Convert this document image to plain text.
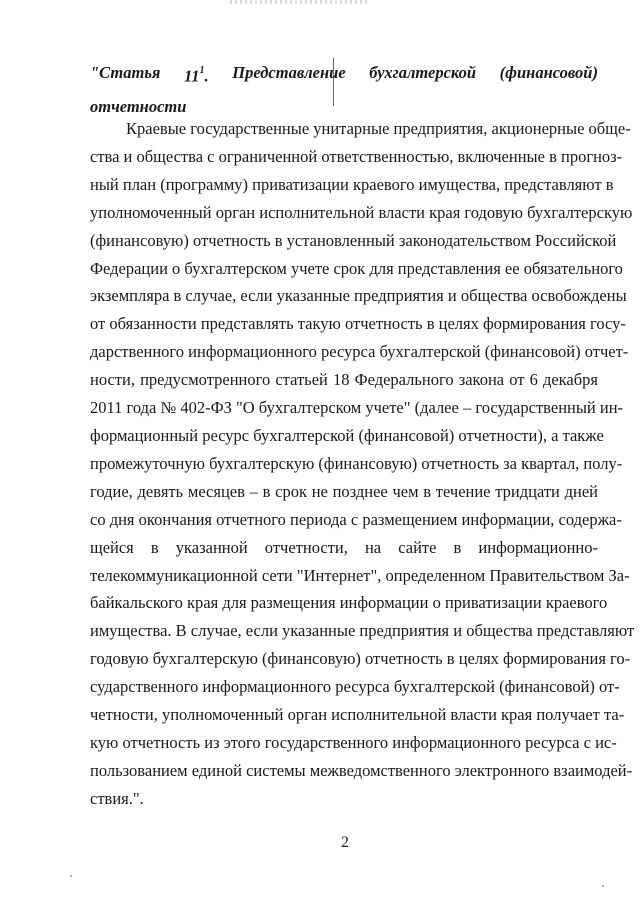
"Статья $11^1$. Представление бухгалтерской (финансовой)
отчетности
Краевые государственные унитарные предприятия, акционерные обще-
ства и общества с ограниченной ответственностью, включенные в прогноз-
ный план (программу) приватизации краевого имущества, представляют в
уполномоченный орган исполнительной власти края годовую бухгалтерскую
(финансовую) отчетность в установленный законодательством Российской
Федерации о бухгалтерском учете срок для представления ее обязательного
экземпляра в случае, если указанные предприятия и общества освобождены
от обязанности представлять такую отчетность в целях формирования госу-
дарственного информационного ресурса бухгалтерской (финансовой) отчет-
ности, предусмотренного статьей 18 Федерального закона от 6 декабря
2011 года № 402-ФЗ "О бухгалтерском учете" (далее – государственный ин-
формационный ресурс бухгалтерской (финансовой) отчетности), а также
промежуточную бухгалтерскую (финансовую) отчетность за квартал, полу-
годие, девять месяцев – в срок не позднее чем в течение тридцати дней
со дня окончания отчетного периода с размещением информации, содержа-
щейся в указанной отчетности, на сайте в информационно-
телекоммуникационной сети "Интернет", определенном Правительством За-
байкальского края для размещения информации о приватизации краевого
имущества. В случае, если указанные предприятия и общества представляют
годовую бухгалтерскую (финансовую) отчетность в целях формирования го-
сударственного информационного ресурса бухгалтерской (финансовой) от-
четности, уполномоченный орган исполнительной власти края получает та-
кую отчетность из этого государственного информационного ресурса с ис-
пользованием единой системы межведомственного электронного взаимодей-
ствия.".
2
